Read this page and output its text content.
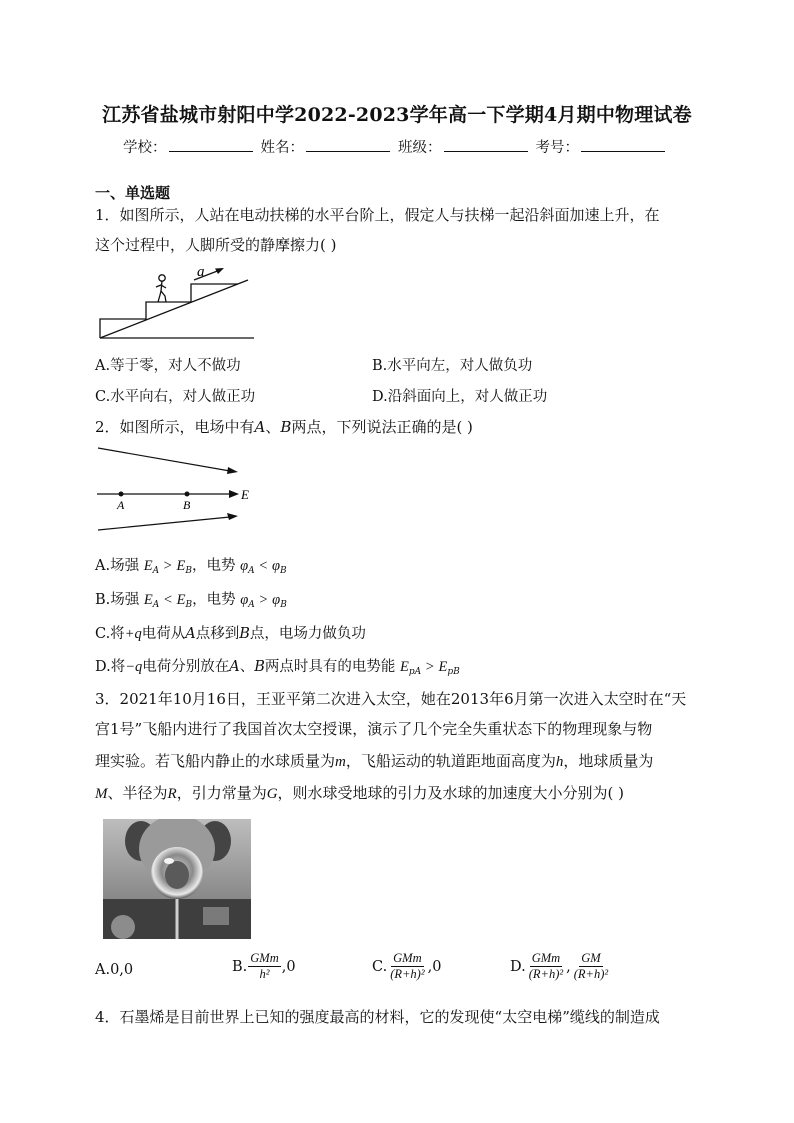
江苏省盐城市射阳中学2022-2023学年高一下学期4月期中物理试卷
学校：	姓名：	班级：	考号：
一、单选题
1．如图所示，人站在电动扶梯的水平台阶上，假定人与扶梯一起沿斜面加速上升，在
这个过程中，人脚所受的静摩擦力( )
a
A.等于零，对人不做功	B.水平向左，对人做负功
C.水平向右，对人做正功	D.沿斜面向上，对人做正功
2．如图所示，电场中有A、B两点，下列说法正确的是( )
A	B
E
A.场强 $E_A > E_B$，电势 $\varphi_A < \varphi_B$
B.场强 $E_A < E_B$，电势 $\varphi_A > \varphi_B$
C.将+q电荷从A点移到B点，电场力做负功
D.将−q电荷分别放在A、B两点时具有的电势能 $E_{pA} > E_{pB}$
3．2021年10月16日，王亚平第二次进入太空，她在2013年6月第一次进入太空时在“天
宫1号”飞船内进行了我国首次太空授课，演示了几个完全失重状态下的物理现象与物
理实验。若飞船内静止的水球质量为m，飞船运动的轨道距地面高度为h，地球质量为
M、半径为R，引力常量为G，则水球受地球的引力及水球的加速度大小分别为( )
A.0,0	B. $\frac{\text{GMm}}{\text{h²}} ,0$	C. $\frac{\text{GMm}}{\text{(R+h)²}} ,0$	D. $\frac{\text{GMm}}{\text{(R+h)²}}$ , $\frac{GM}{\text{(R+h)²}}$
4．石墨烯是目前世界上已知的强度最高的材料，它的发现使“太空电梯”缆线的制造成
